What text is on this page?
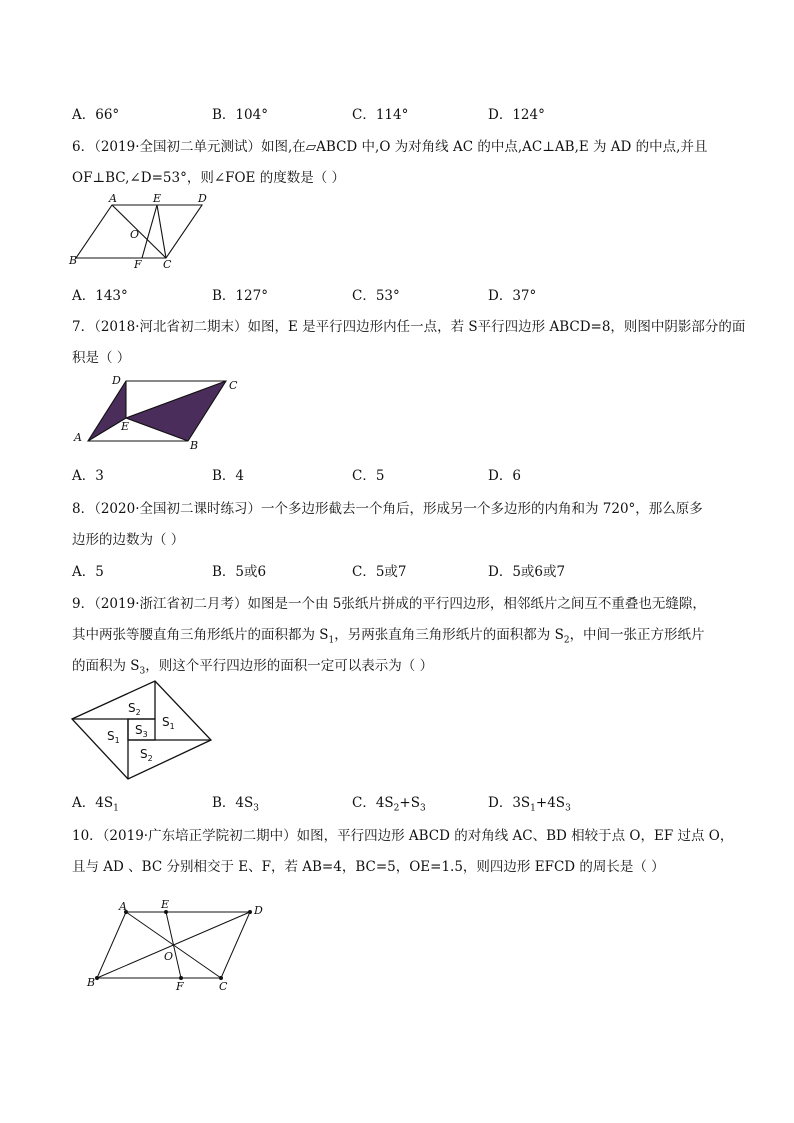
A．66°	B．104°	C．114°	D．124°
6．（2019·全国初二单元测试）如图,在▱ABCD 中,O 为对角线 AC 的中点,AC⊥AB,E 为 AD 的中点,并且
OF⊥BC,∠D=53°，则∠FOE 的度数是（ ）
A	E	D
O
B	F C
A．143°	B．127°	C．53°	D．37°
7．（2018·河北省初二期末）如图，E 是平行四边形内任一点，若 S平行四边形 ABCD=8，则图中阴影部分的面
积是（ ）
D	C
A
E
B
A．3	B．4	C．5	D．6
8．（2020·全国初二课时练习）一个多边形截去一个角后，形成另一个多边形的内角和为 720°，那么原多
边形的边数为（ ）
A．5	B．5或6	C．5或7	D．5或6或7
9．（2019·浙江省初二月考）如图是一个由 5张纸片拼成的平行四边形，相邻纸片之间互不重叠也无缝隙，
其中两张等腰直角三角形纸片的面积都为 $S_1$，另两张直角三角形纸片的面积都为 $S_2$，中间一张正方形纸片
的面积为 $S_3$，则这个平行四边形的面积一定可以表示为（ ）
$S_2$
$S_1$
$S_3$
$S_1$
$S_2$
A．$4S_1$	B．$4S_3$	C．$4S_2+S_3$	D．$3S_1+4S_3$
10．（2019·广东培正学院初二期中）如图，平行四边形 ABCD 的对角线 AC、BD 相较于点 O，EF 过点 O，
且与 AD 、BC 分别相交于 E、F，若 AB=4，BC=5，OE=1.5，则四边形 EFCD 的周长是（ ）
A	E	D
O
B	F	C
